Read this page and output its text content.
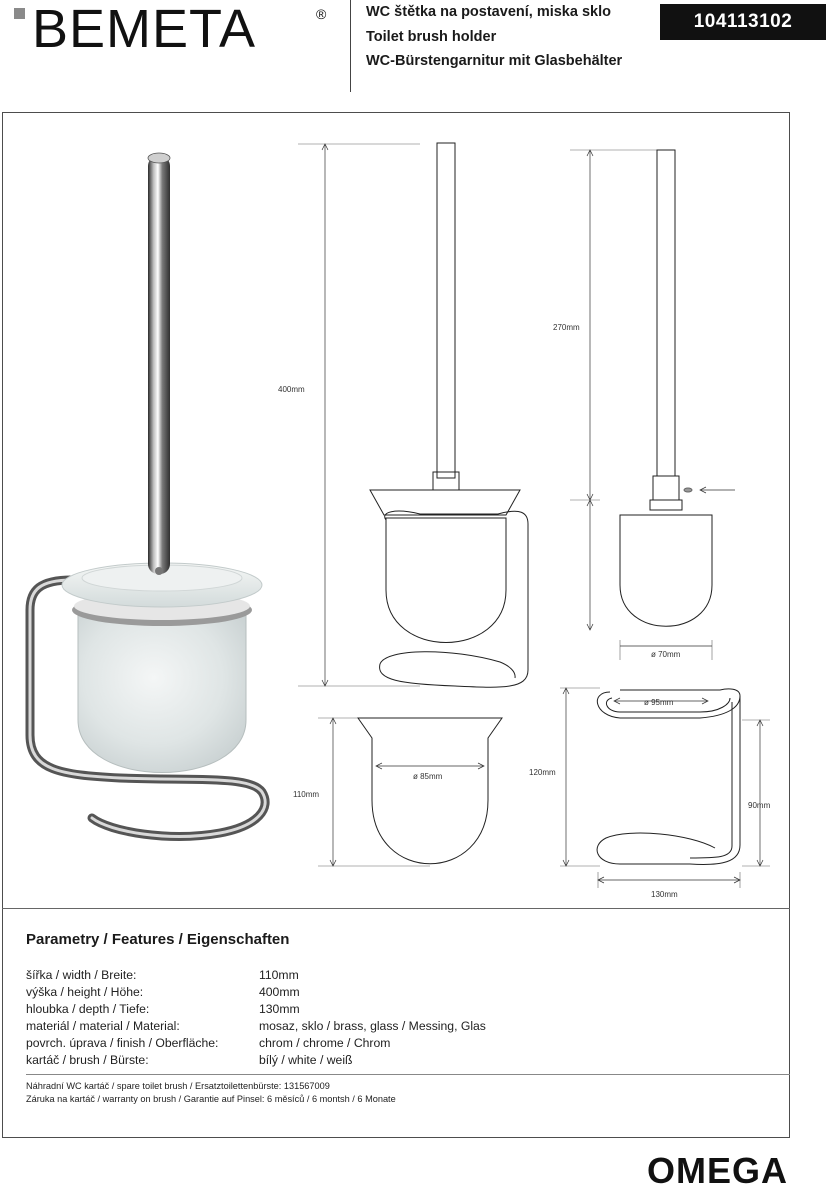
BEMETA	®	WC štětka na postavení, miska sklo
Toilet brush holder
WC-Bürstengarnitur mit Glasbehälter
104113102
400mm
270mm
ø 70mm
110mm
ø 85mm	120mm
ø 95mm
90mm
130mm
Parametry / Features / Eigenschaften
šířka / width / Breite:	110mm
výška / height / Höhe:	400mm
hloubka / depth / Tiefe:	130mm
materiál / material / Material:	mosaz, sklo / brass, glass / Messing, Glas
povrch. úprava / finish / Oberfläche:	chrom / chrome / Chrom
kartáč / brush / Bürste:	bílý / white / weiß
Náhradní WC kartáč / spare toilet brush / Ersatztoilettenbürste: 131567009
Záruka na kartáč / warranty on brush / Garantie auf Pinsel: 6 měsíců / 6 montsh / 6 Monate
OMEGA
